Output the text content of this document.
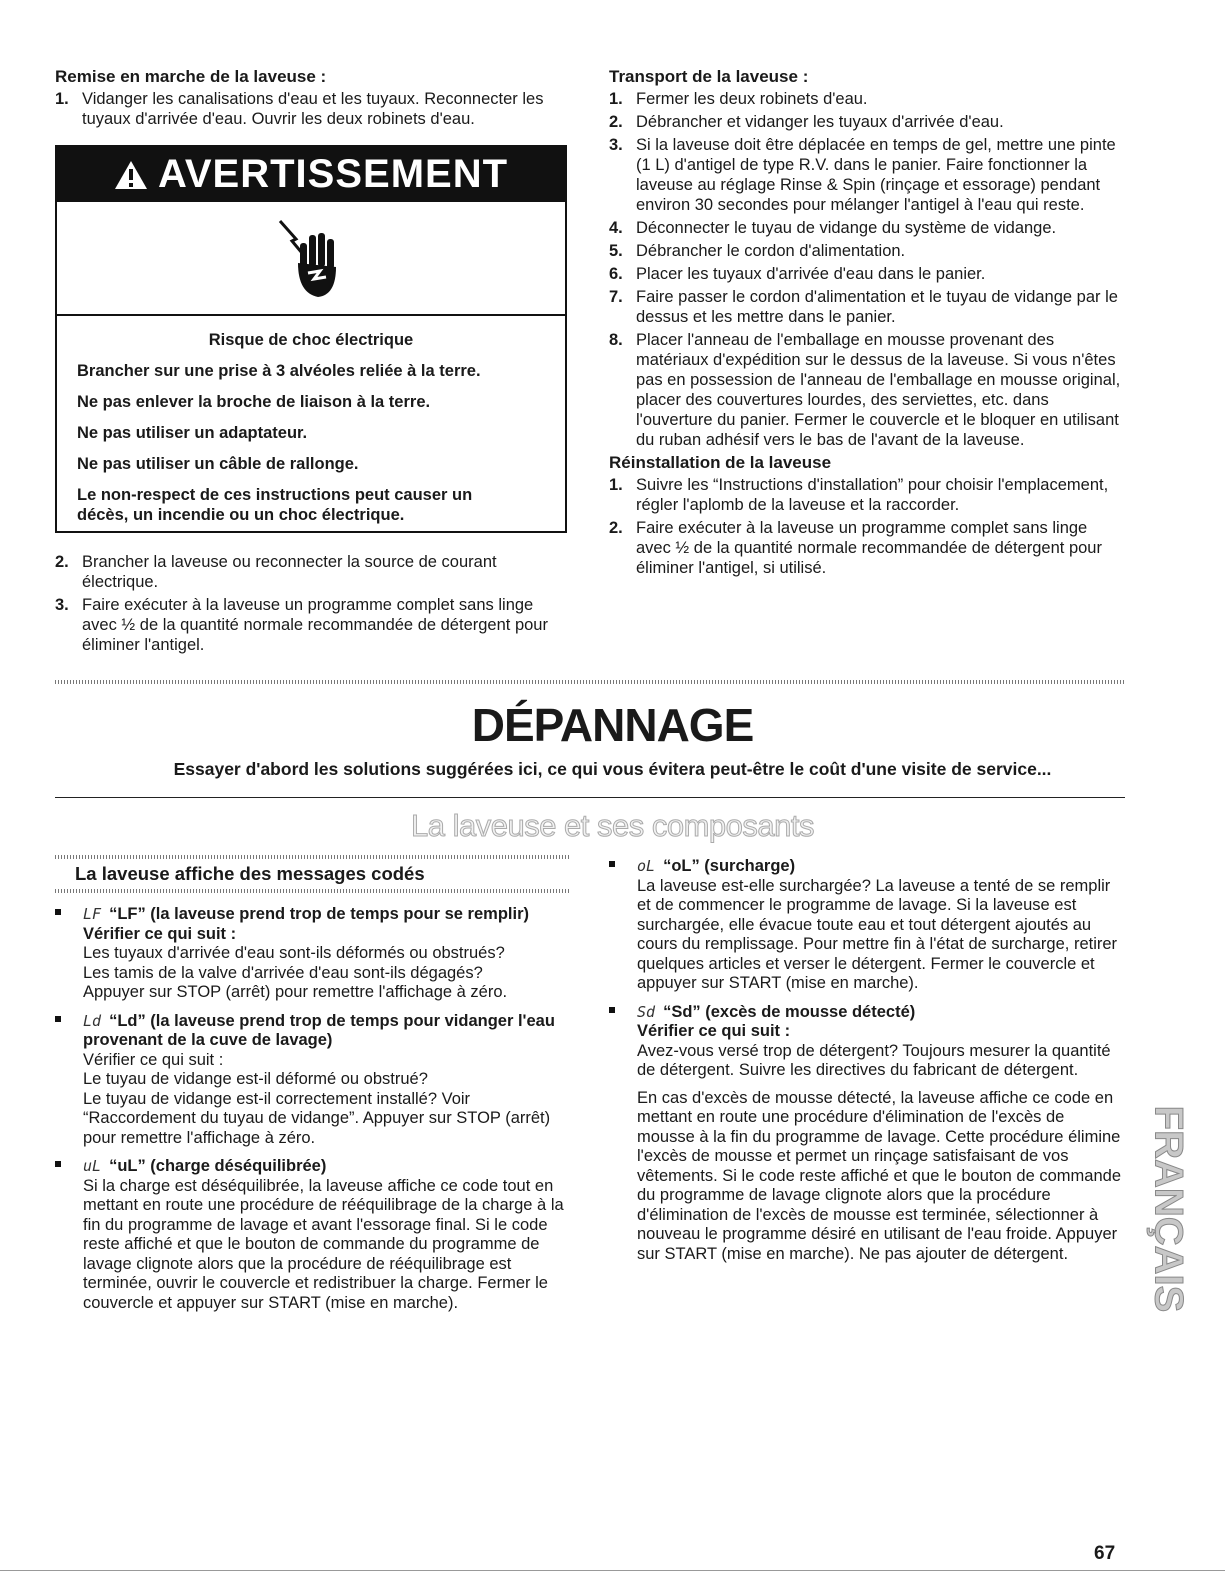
Remise en marche de la laveuse :
1. Vidanger les canalisations d'eau et les tuyaux. Reconnecter les tuyaux d'arrivée d'eau. Ouvrir les deux robinets d'eau.
AVERTISSEMENT

Risque de choc électrique

Brancher sur une prise à 3 alvéoles reliée à la terre.

Ne pas enlever la broche de liaison à la terre.

Ne pas utiliser un adaptateur.

Ne pas utiliser un câble de rallonge.

Le non-respect de ces instructions peut causer un décès, un incendie ou un choc électrique.

2. Brancher la laveuse ou reconnecter la source de courant électrique.
3. Faire exécuter à la laveuse un programme complet sans linge avec ½ de la quantité normale recommandée de détergent pour éliminer l'antigel.
Transport de la laveuse :
1. Fermer les deux robinets d'eau.
2. Débrancher et vidanger les tuyaux d'arrivée d'eau.
3. Si la laveuse doit être déplacée en temps de gel, mettre une pinte (1 L) d'antigel de type R.V. dans le panier. Faire fonctionner la laveuse au réglage Rinse & Spin (rinçage et essorage) pendant environ 30 secondes pour mélanger l'antigel à l'eau qui reste.
4. Déconnecter le tuyau de vidange du système de vidange.
5. Débrancher le cordon d'alimentation.
6. Placer les tuyaux d'arrivée d'eau dans le panier.
7. Faire passer le cordon d'alimentation et le tuyau de vidange par le dessus et les mettre dans le panier.
8. Placer l'anneau de l'emballage en mousse provenant des matériaux d'expédition sur le dessus de la laveuse. Si vous n'êtes pas en possession de l'anneau de l'emballage en mousse original, placer des couvertures lourdes, des serviettes, etc. dans l'ouverture du panier. Fermer le couvercle et le bloquer en utilisant du ruban adhésif vers le bas de l'avant de la laveuse.
Réinstallation de la laveuse
1. Suivre les “Instructions d'installation” pour choisir l'emplacement, régler l'aplomb de la laveuse et la raccorder.
2. Faire exécuter à la laveuse un programme complet sans linge avec ½ de la quantité normale recommandée de détergent pour éliminer l'antigel, si utilisé.
DÉPANNAGE
Essayer d'abord les solutions suggérées ici, ce qui vous évitera peut-être le coût d'une visite de service...
La laveuse et ses composants
La laveuse affiche des messages codés

LF “LF” (la laveuse prend trop de temps pour se remplir)

Vérifier ce qui suit :

Les tuyaux d'arrivée d'eau sont-ils déformés ou obstrués?

Les tamis de la valve d'arrivée d'eau sont-ils dégagés?

Appuyer sur STOP (arrêt) pour remettre l'affichage à zéro.

Ld “Ld” (la laveuse prend trop de temps pour vidanger l'eau provenant de la cuve de lavage)

Vérifier ce qui suit :

Le tuyau de vidange est-il déformé ou obstrué?

Le tuyau de vidange est-il correctement installé? Voir “Raccordement du tuyau de vidange”. Appuyer sur STOP (arrêt) pour remettre l'affichage à zéro.

uL “uL” (charge déséquilibrée)

Si la charge est déséquilibrée, la laveuse affiche ce code tout en mettant en route une procédure de rééquilibrage de la charge à la fin du programme de lavage et avant l'essorage final. Si le code reste affiché et que le bouton de commande du programme de lavage clignote alors que la procédure de rééquilibrage est terminée, ouvrir le couvercle et redistribuer la charge. Fermer le couvercle et appuyer sur START (mise en marche).

oL “oL” (surcharge)

La laveuse est-elle surchargée? La laveuse a tenté de se remplir et de commencer le programme de lavage. Si la laveuse est surchargée, elle évacue toute eau et tout détergent ajoutés au cours du remplissage. Pour mettre fin à l'état de surcharge, retirer quelques articles et verser le détergent. Fermer le couvercle et appuyer sur START (mise en marche).

Sd “Sd” (excès de mousse détecté)

Vérifier ce qui suit :

Avez-vous versé trop de détergent? Toujours mesurer la quantité de détergent. Suivre les directives du fabricant de détergent.

En cas d'excès de mousse détecté, la laveuse affiche ce code en mettant en route une procédure d'élimination de l'excès de mousse à la fin du programme de lavage. Cette procédure élimine l'excès de mousse et permet un rinçage satisfaisant de vos vêtements. Si le code reste affiché et que le bouton de commande du programme de lavage clignote alors que la procédure d'élimination de l'excès de mousse est terminée, sélectionner à nouveau le programme désiré en utilisant de l'eau froide. Appuyer sur START (mise en marche). Ne pas ajouter de détergent.	FRANÇAIS
67
